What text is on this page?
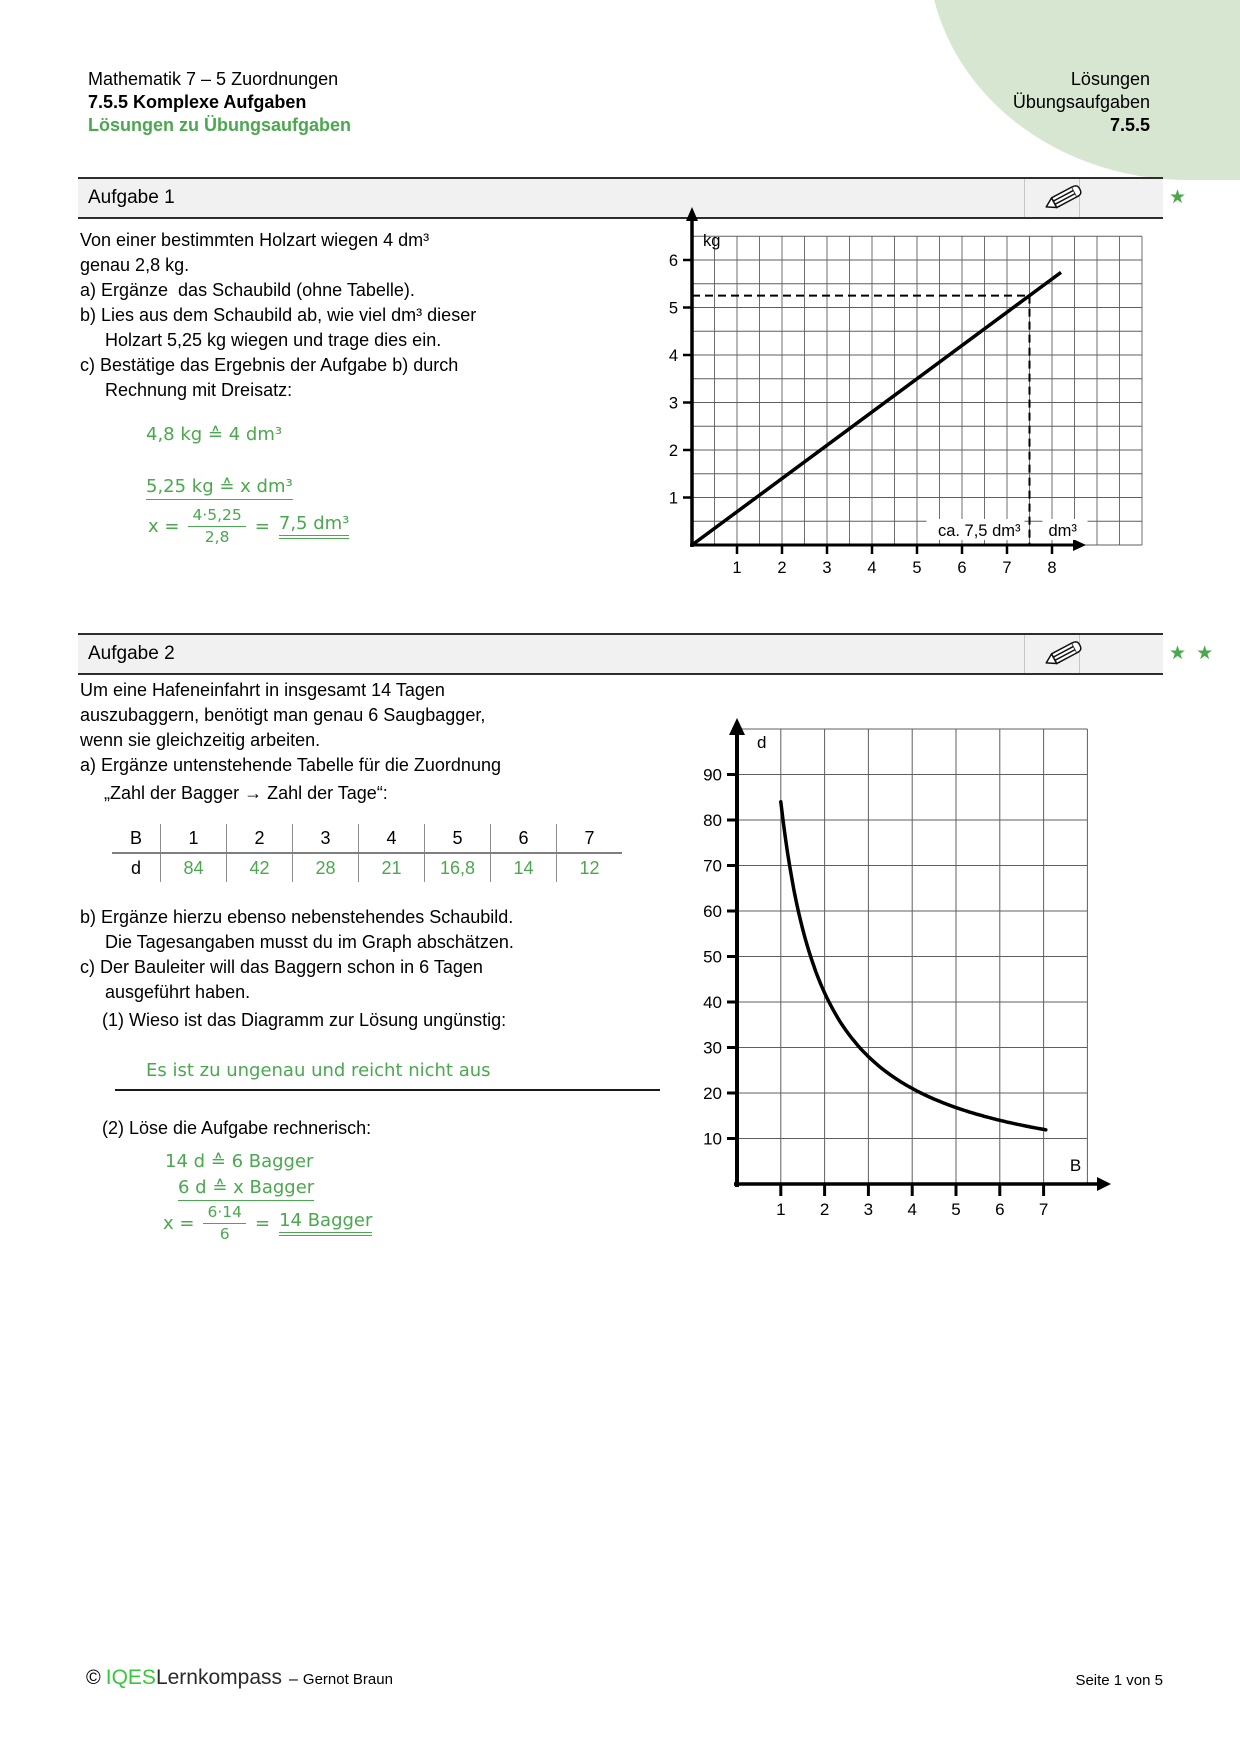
Mathematik 7 – 5 Zuordnungen
7.5.5 Komplexe Aufgaben
Lösungen zu Übungsaufgaben
Lösungen
Übungsaufgaben
7.5.5
Aufgabe 1	★
Von einer bestimmten Holzart wiegen 4 dm³
genau 2,8 kg.
a) Ergänze  das Schaubild (ohne Tabelle).
b) Lies aus dem Schaubild ab, wie viel dm³ dieser
Holzart 5,25 kg wiegen und trage dies ein.
c) Bestätige das Ergebnis der Aufgabe b) durch
Rechnung mit Dreisatz:
4,8 kg ≙ 4 dm³
5,25 kg ≙ x dm³
$x = \frac{4\cdot 5,25}{2,8} = 7,5$ dm³
1 2 3 4 5 6 7 8
1
2
3
4
5
6
kg
ca. 7,5 dm³ dm³
Aufgabe 2	★ ★
Um eine Hafeneinfahrt in insgesamt 14 Tagen
auszubaggern, benötigt man genau 6 Saugbagger,
wenn sie gleichzeitig arbeiten.
a) Ergänze untenstehende Tabelle für die Zuordnung
„Zahl der Bagger → Zahl der Tage“:
B	1	2	3	4	5	6	7
d	84	42	28	21	16,8	14	12
b) Ergänze hierzu ebenso nebenstehendes Schaubild.
Die Tagesangaben musst du im Graph abschätzen.
c) Der Bauleiter will das Baggern schon in 6 Tagen
ausgeführt haben.
(1) Wieso ist das Diagramm zur Lösung ungünstig:
Es ist zu ungenau und reicht nicht aus
(2) Löse die Aufgabe rechnerisch:
14 d ≙ 6 Bagger
6 d ≙ x Bagger
$x = \frac{6\cdot 14}{6} = 14$ Bagger
1 2 3 4 5 6 7
10
20
30
40
50
60
70
80
90
d
B
© IQES Lernkompass – Gernot Braun	Seite 1 von 5
